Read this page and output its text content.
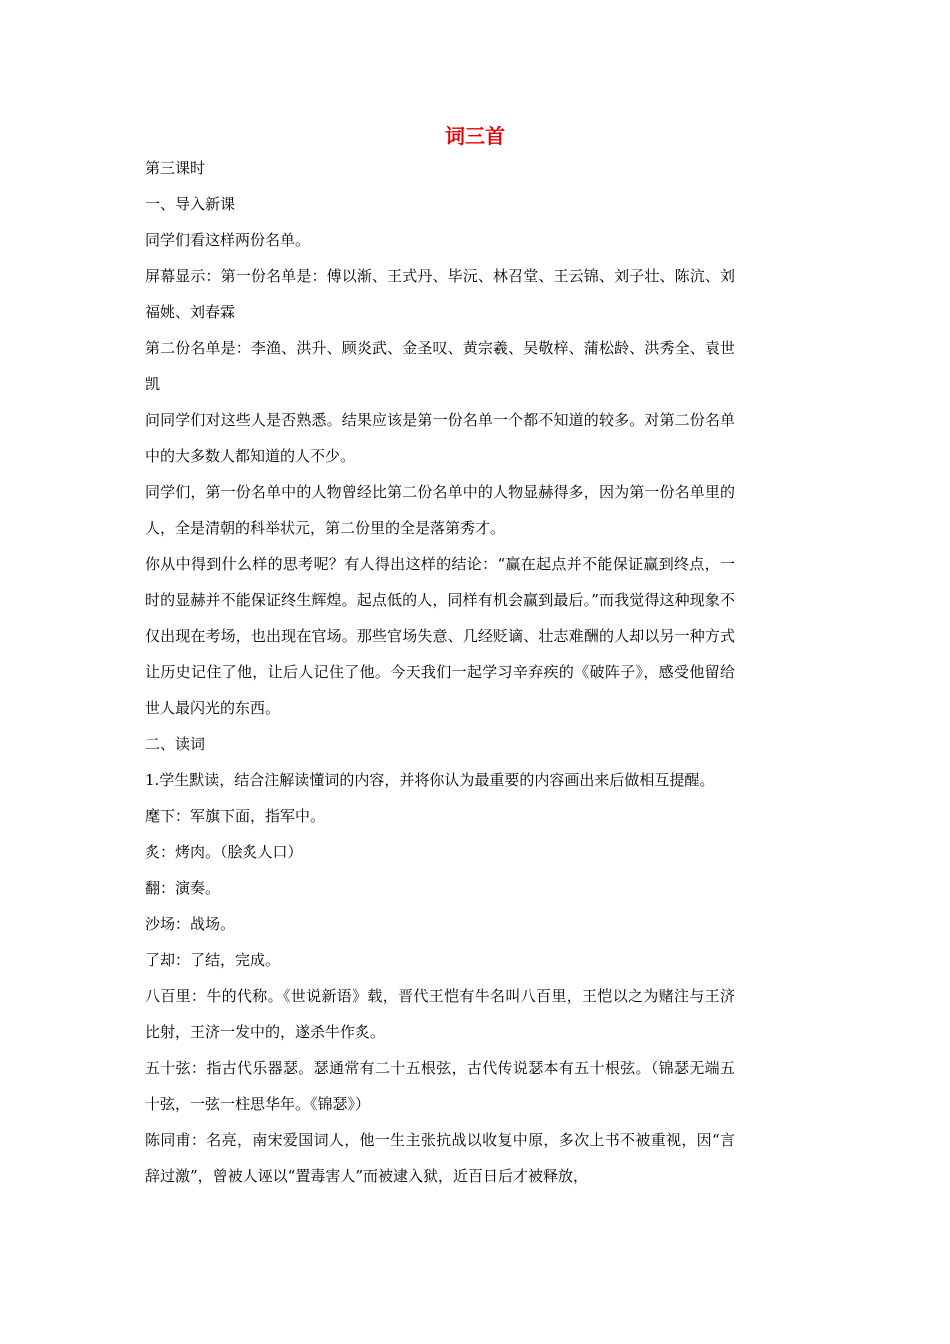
词三首

第三课时

一、导入新课

同学们看这样两份名单。

屏幕显示：第一份名单是：傅以渐、王式丹、毕沅、林召堂、王云锦、刘子壮、陈沆、刘福姚、刘春霖

第二份名单是：李渔、洪升、顾炎武、金圣叹、黄宗羲、吴敬梓、蒲松龄、洪秀全、袁世凯

问同学们对这些人是否熟悉。结果应该是第一份名单一个都不知道的较多。对第二份名单中的大多数人都知道的人不少。

同学们，第一份名单中的人物曾经比第二份名单中的人物显赫得多，因为第一份名单里的人，全是清朝的科举状元，第二份里的全是落第秀才。

你从中得到什么样的思考呢？有人得出这样的结论：“赢在起点并不能保证赢到终点，一时的显赫并不能保证终生辉煌。起点低的人，同样有机会赢到最后。”而我觉得这种现象不仅出现在考场，也出现在官场。那些官场失意、几经贬谪、壮志难酬的人却以另一种方式让历史记住了他，让后人记住了他。今天我们一起学习辛弃疾的《破阵子》，感受他留给世人最闪光的东西。

二、读词

1.学生默读，结合注解读懂词的内容，并将你认为最重要的内容画出来后做相互提醒。

麾下：军旗下面，指军中。

炙：烤肉。（脍炙人口）

翻：演奏。

沙场：战场。

了却：了结，完成。

八百里：牛的代称。《世说新语》载，晋代王恺有牛名叫八百里，王恺以之为赌注与王济比射，王济一发中的，遂杀牛作炙。

五十弦：指古代乐器瑟。瑟通常有二十五根弦，古代传说瑟本有五十根弦。（锦瑟无端五十弦，一弦一柱思华年。《锦瑟》）

陈同甫：名亮，南宋爱国词人，他一生主张抗战以收复中原，多次上书不被重视，因“言辞过激”，曾被人诬以“置毒害人”而被逮入狱，近百日后才被释放，
